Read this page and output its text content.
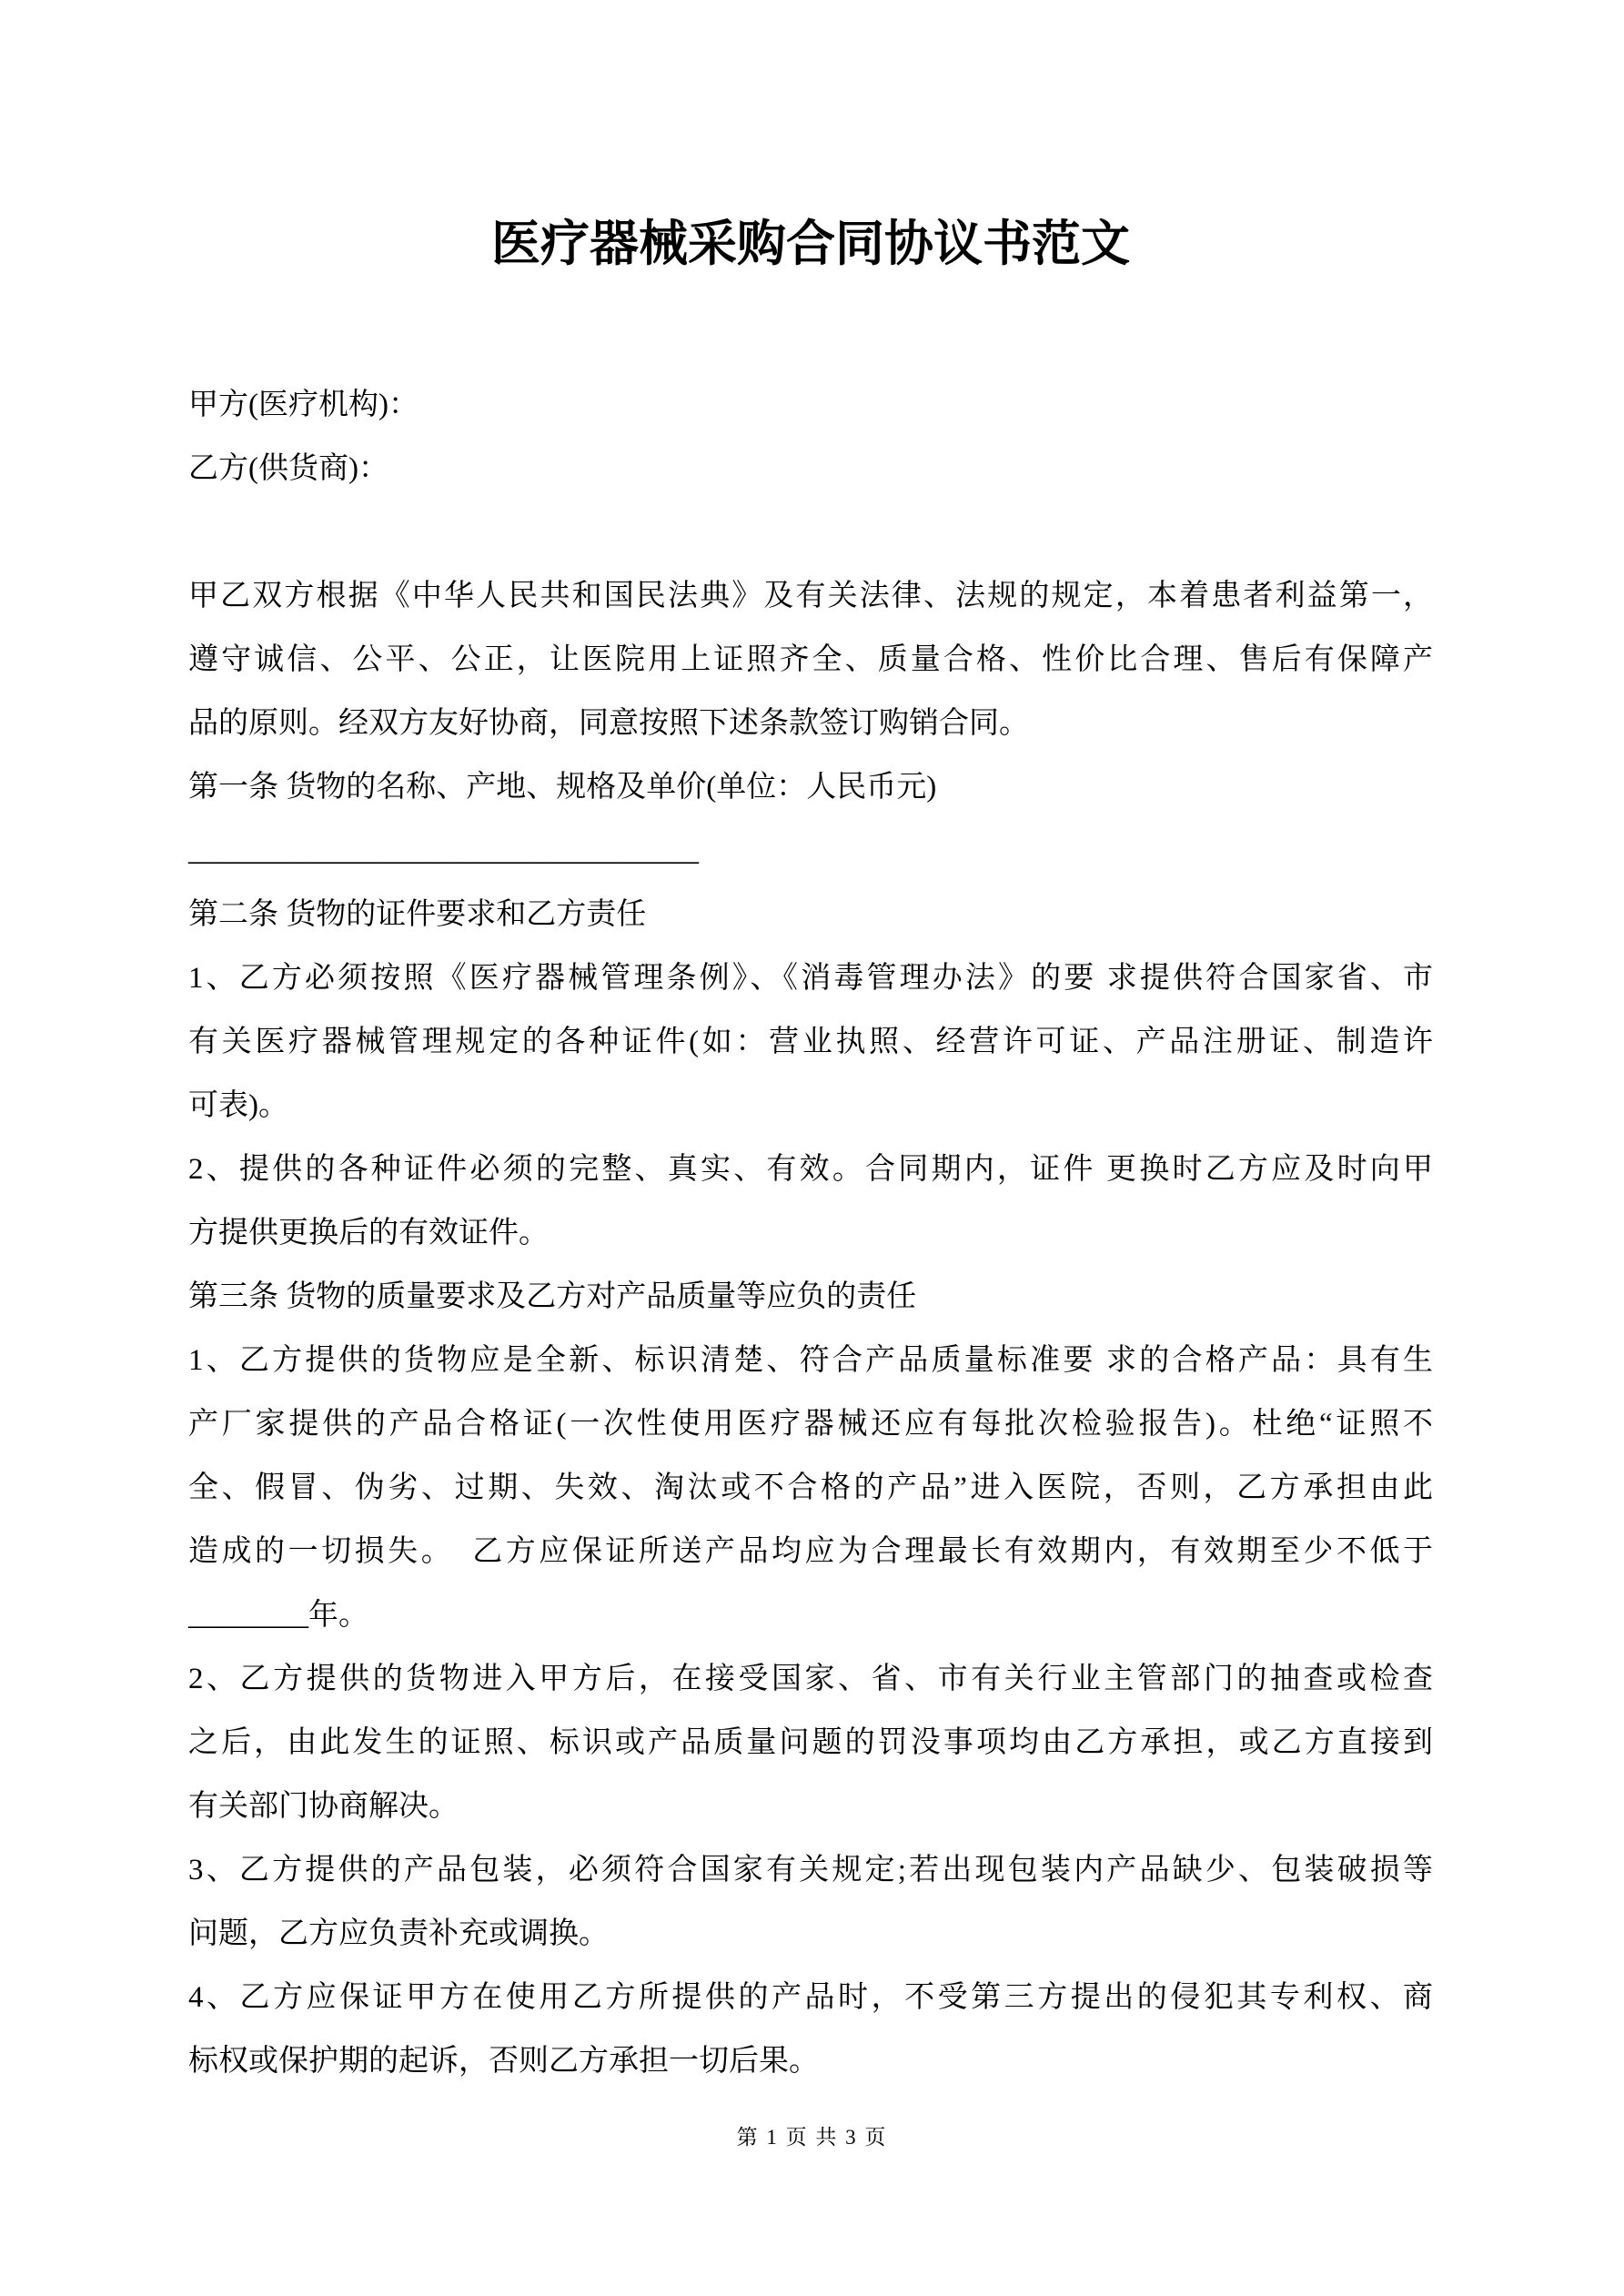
医疗器械采购合同协议书范文
甲方(医疗机构)：
乙方(供货商)：
甲乙双方根据《中华人民共和国民法典》及有关法律、法规的规定，本着患者利益第一，
遵守诚信、公平、公正，让医院用上证照齐全、质量合格、性价比合理、售后有保障产
品的原则。经双方友好协商，同意按照下述条款签订购销合同。
第一条 货物的名称、产地、规格及单价(单位：人民币元)
__________________________________
第二条 货物的证件要求和乙方责任
1、乙方必须按照《医疗器械管理条例》、《消毒管理办法》的要 求提供符合国家省、市
有关医疗器械管理规定的各种证件(如：营业执照、经营许可证、产品注册证、制造许
可表)。
2、提供的各种证件必须的完整、真实、有效。合同期内，证件 更换时乙方应及时向甲
方提供更换后的有效证件。
第三条 货物的质量要求及乙方对产品质量等应负的责任
1、乙方提供的货物应是全新、标识清楚、符合产品质量标准要 求的合格产品：具有生
产厂家提供的产品合格证(一次性使用医疗器械还应有每批次检验报告)。杜绝“证照不
全、假冒、伪劣、过期、失效、淘汰或不合格的产品”进入医院，否则，乙方承担由此
造成的一切损失。　乙方应保证所送产品均应为合理最长有效期内，有效期至少不低于
________年。
2、乙方提供的货物进入甲方后，在接受国家、省、市有关行业主管部门的抽查或检查
之后，由此发生的证照、标识或产品质量问题的罚没事项均由乙方承担，或乙方直接到
有关部门协商解决。
3、乙方提供的产品包装，必须符合国家有关规定;若出现包装内产品缺少、包装破损等
问题，乙方应负责补充或调换。
4、乙方应保证甲方在使用乙方所提供的产品时，不受第三方提出的侵犯其专利权、商
标权或保护期的起诉，否则乙方承担一切后果。
第 1 页 共 3 页
